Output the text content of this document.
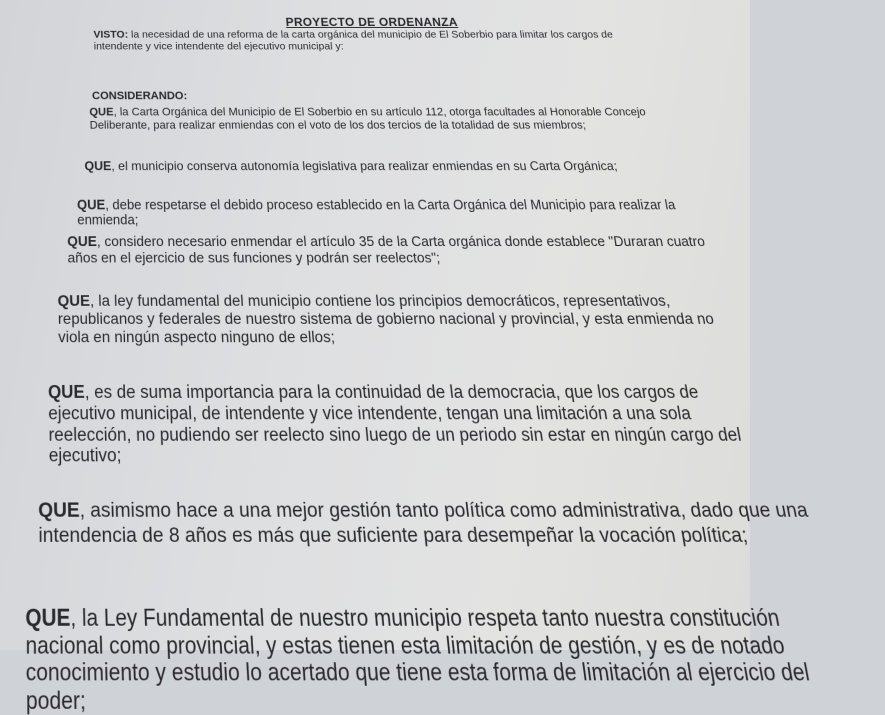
PROYECTO DE ORDENANZA

VISTO: la necesidad de una reforma de la carta orgánica del municipio de El Soberbio para limitar los cargos de intendente y vice intendente del ejecutivo municipal y:

CONSIDERANDO:

QUE, la Carta Orgánica del Municipio de El Soberbio en su artículo 112, otorga facultades al Honorable Concejo Deliberante, para realizar enmiendas con el voto de los dos tercios de la totalidad de sus miembros;

QUE, el municipio conserva autonomía legislativa para realizar enmiendas en su Carta Orgánica;

QUE, debe respetarse el debido proceso establecido en la Carta Orgánica del Municipio para realizar la enmienda;

QUE, considero necesario enmendar el artículo 35 de la Carta orgánica donde establece "Duraran cuatro años en el ejercicio de sus funciones y podrán ser reelectos";

QUE, la ley fundamental del municipio contiene los principios democráticos, representativos, republicanos y federales de nuestro sistema de gobierno nacional y provincial, y esta enmienda no viola en ningún aspecto ninguno de ellos;

QUE, es de suma importancia para la continuidad de la democracia, que los cargos de ejecutivo municipal, de intendente y vice intendente, tengan una limitación a una sola reelección, no pudiendo ser reelecto sino luego de un periodo sin estar en ningún cargo del ejecutivo;

QUE, asimismo hace a una mejor gestión tanto política como administrativa, dado que una intendencia de 8 años es más que suficiente para desempeñar la vocación política;

QUE, la Ley Fundamental de nuestro municipio respeta tanto nuestra constitución nacional como provincial, y estas tienen esta limitación de gestión, y es de notado conocimiento y estudio lo acertado que tiene esta forma de limitación al ejercicio del poder;
